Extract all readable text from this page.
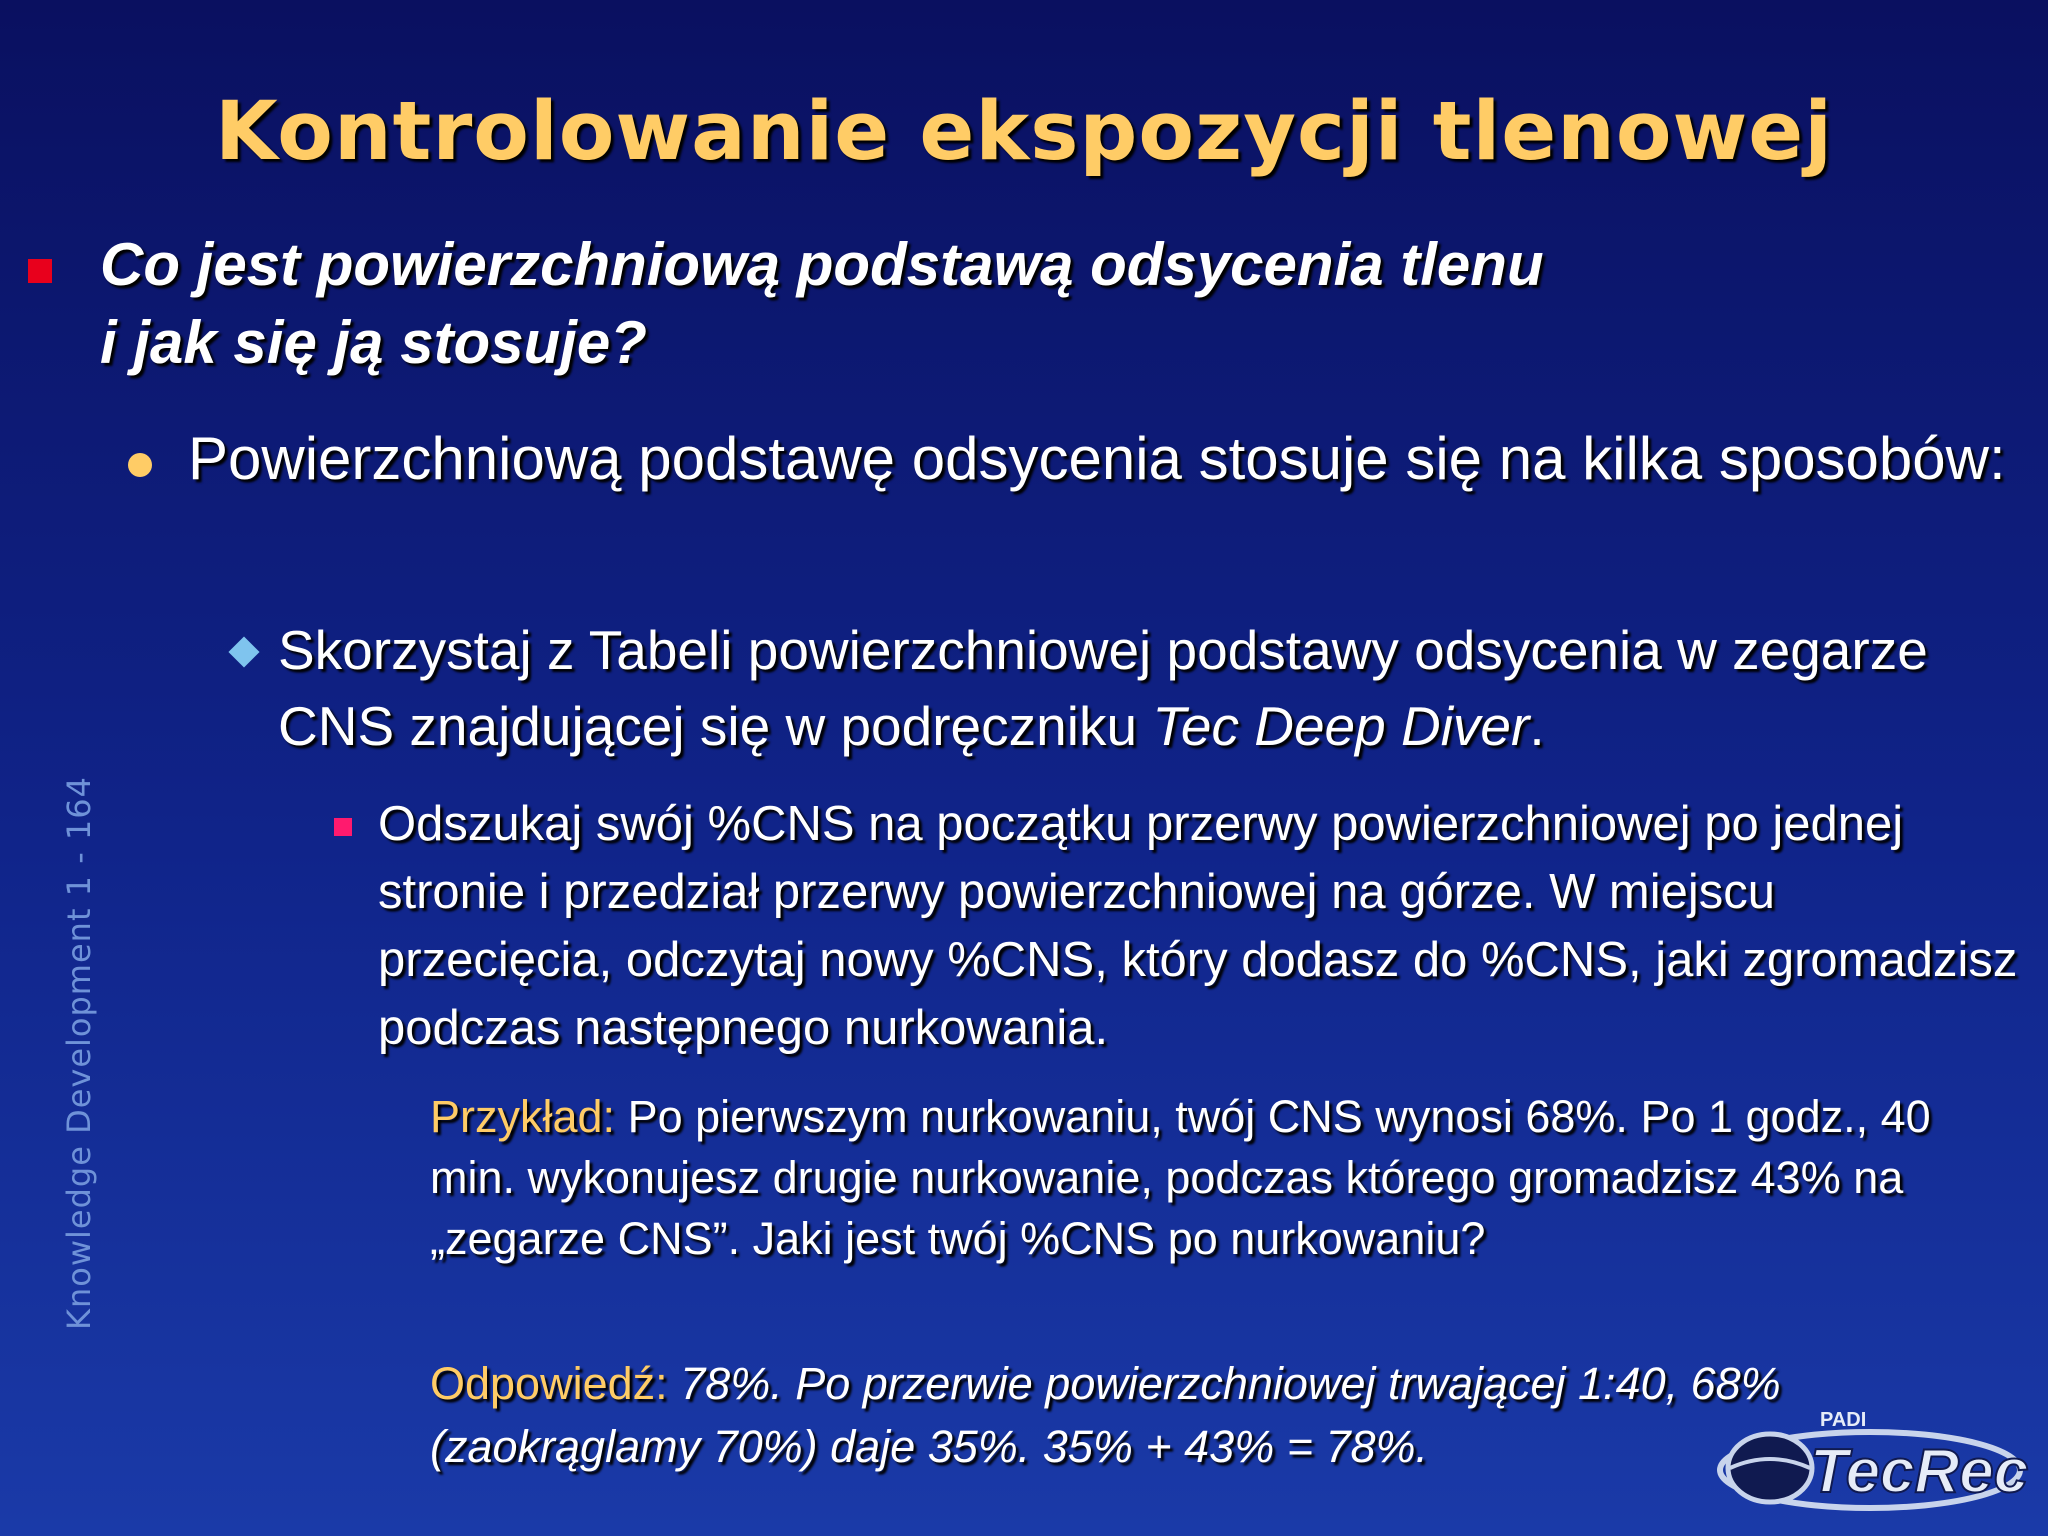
Kontrolowanie ekspozycji tlenowej
Knowledge Development 1 - 164
Co jest powierzchniową podstawą odsycenia tlenu
i jak się ją stosuje?
Powierzchniową podstawę odsycenia stosuje się na kilka sposobów:
Skorzystaj z Tabeli powierzchniowej podstawy odsycenia w zegarze CNS znajdującej się w podręczniku Tec Deep Diver.
Odszukaj swój %CNS na początku przerwy powierzchniowej po jednej stronie i przedział przerwy powierzchniowej na górze. W miejscu przecięcia, odczytaj nowy %CNS, który dodasz do %CNS, jaki zgromadzisz podczas następnego nurkowania.
Przykład: Po pierwszym nurkowaniu, twój CNS wynosi 68%. Po 1 godz., 40 min. wykonujesz drugie nurkowanie, podczas którego gromadzisz 43% na „zegarze CNS”. Jaki jest twój %CNS po nurkowaniu?
Odpowiedź: 78%. Po przerwie powierzchniowej trwającej 1:40, 68% (zaokrąglamy 70%) daje 35%. 35% + 43% = 78%.
PADI
TecRec
